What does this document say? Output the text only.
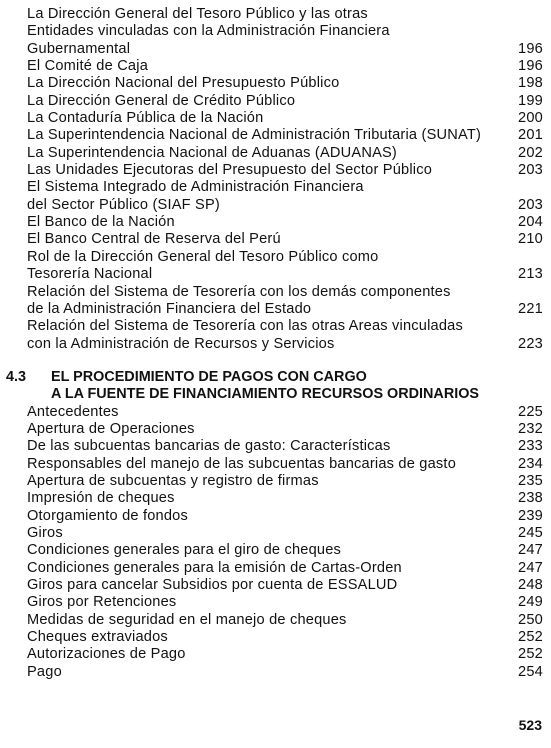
La Dirección General del Tesoro Público y las otras
Entidades vinculadas con la Administración Financiera
Gubernamental	196
El Comité de Caja	196
La Dirección Nacional del Presupuesto Público	198
La Dirección General de Crédito Público	199
La Contaduría Pública de la Nación	200
La Superintendencia Nacional de Administración Tributaria (SUNAT)	201
La Superintendencia Nacional de Aduanas (ADUANAS)	202
Las Unidades Ejecutoras del Presupuesto del Sector Público	203
El Sistema Integrado de Administración Financiera
del Sector Público (SIAF SP)	203
El Banco de la Nación	204
El Banco Central de Reserva del Perú	210
Rol de la Dirección General del Tesoro Público como
Tesorería Nacional	213
Relación del Sistema de Tesorería con los demás componentes
de la Administración Financiera del Estado	221
Relación del Sistema de Tesorería con las otras Areas vinculadas
con la Administración de Recursos y Servicios	223
4.3	EL PROCEDIMIENTO DE PAGOS CON CARGO
A LA FUENTE DE FINANCIAMIENTO RECURSOS ORDINARIOS
Antecedentes	225
Apertura de Operaciones	232
De las subcuentas bancarias de gasto: Características	233
Responsables del manejo de las subcuentas bancarias de gasto	234
Apertura de subcuentas y registro de firmas	235
Impresión de cheques	238
Otorgamiento de fondos	239
Giros	245
Condiciones generales para el giro de cheques	247
Condiciones generales para la emisión de Cartas-Orden	247
Giros para cancelar Subsidios por cuenta de ESSALUD	248
Giros por Retenciones	249
Medidas de seguridad en el manejo de cheques	250
Cheques extraviados	252
Autorizaciones de Pago	252
Pago	254
523
